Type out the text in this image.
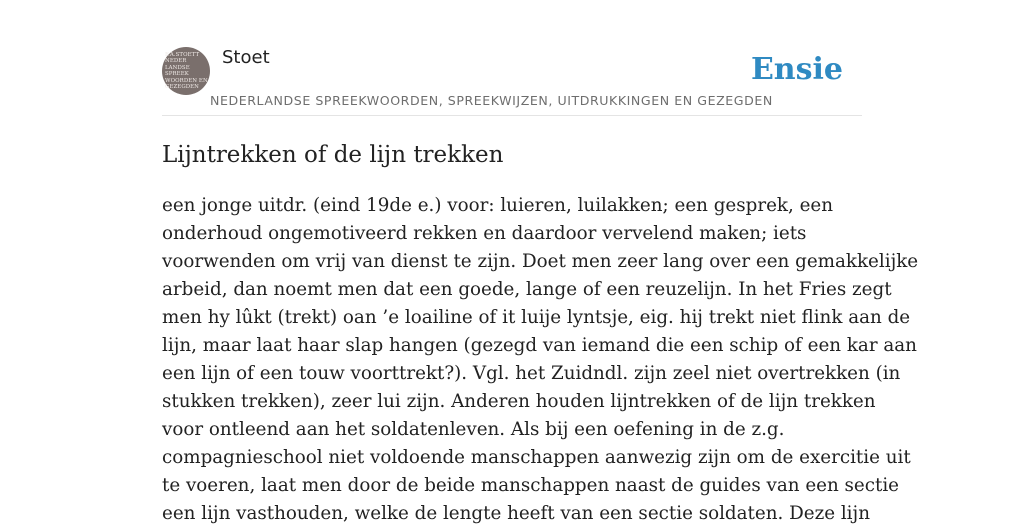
F.A.STOETT
NEDER
LANDSE
SPREEK
WOORDEN EN
GEZEGDEN

Stoet	Ensie

NEDERLANDSE SPREEKWOORDEN, SPREEKWIJZEN, UITDRUKKINGEN EN GEZEGDEN
Lijntrekken of de lijn trekken
een jonge uitdr. (eind 19de e.) voor: luieren, luilakken; een gesprek, een
onderhoud ongemotiveerd rekken en daardoor vervelend maken; iets
voorwenden om vrij van dienst te zijn. Doet men zeer lang over een gemakkelijke
arbeid, dan noemt men dat een goede, lange of een reuzelijn. In het Fries zegt
men hy lûkt (trekt) oan ’e loailine of it luije lyntsje, eig. hij trekt niet flink aan de
lijn, maar laat haar slap hangen (gezegd van iemand die een schip of een kar aan
een lijn of een touw voorttrekt?). Vgl. het Zuidndl. zijn zeel niet overtrekken (in
stukken trekken), zeer lui zijn. Anderen houden lijntrekken of de lijn trekken
voor ontleend aan het soldatenleven. Als bij een oefening in de z.g.
compagnieschool niet voldoende manschappen aanwezig zijn om de exercitie uit
te voeren, laat men door de beide manschappen naast de guides van een sectie
een lijn vasthouden, welke de lengte heeft van een sectie soldaten. Deze lijn
